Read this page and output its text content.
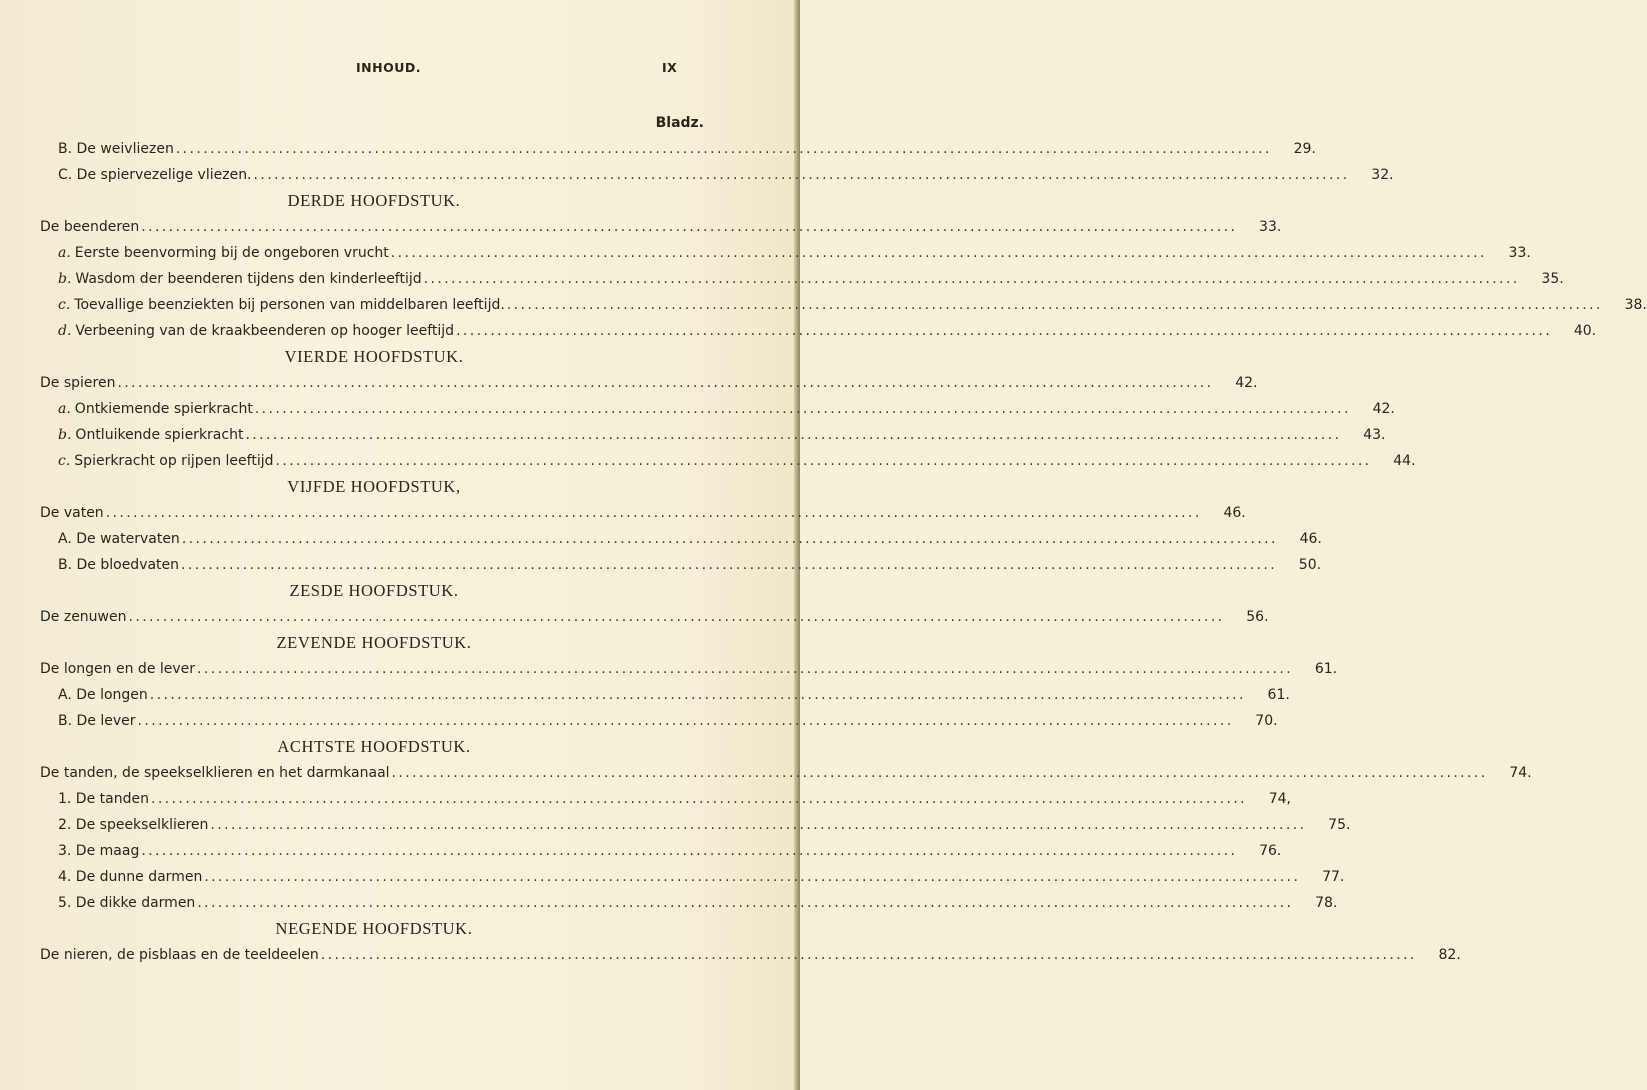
INHOUD.	IX
Bladz.
B. De weivliezen ................................................................................................................................................................	29.
C. De spiervezelige vliezen. ................................................................................................................................................................	32.
DERDE HOOFDSTUK.
De beenderen ................................................................................................................................................................	33.
a. Eerste beenvorming bij de ongeboren vrucht ................................................................................................................................................................	33.
b. Wasdom der beenderen tijdens den kinderleeftijd ................................................................................................................................................................	35.
c. Toevallige beenziekten bij personen van middelbaren leeftijd. ................................................................................................................................................................	38.
d. Verbeening van de kraakbeenderen op hooger leeftijd ................................................................................................................................................................	40.
VIERDE HOOFDSTUK.
De spieren ................................................................................................................................................................	42.
a. Ontkiemende spierkracht ................................................................................................................................................................	42.
b. Ontluikende spierkracht ................................................................................................................................................................	43.
c. Spierkracht op rijpen leeftijd ................................................................................................................................................................	44.
VIJFDE HOOFDSTUK,
De vaten ................................................................................................................................................................	46.
A. De watervaten ................................................................................................................................................................	46.
B. De bloedvaten ................................................................................................................................................................	50.
ZESDE HOOFDSTUK.
De zenuwen ................................................................................................................................................................	56.
ZEVENDE HOOFDSTUK.
De longen en de lever ................................................................................................................................................................	61.
A. De longen ................................................................................................................................................................	61.
B. De lever ................................................................................................................................................................	70.
ACHTSTE HOOFDSTUK.
De tanden, de speekselklieren en het darmkanaal ................................................................................................................................................................	74.
1. De tanden ................................................................................................................................................................	74,
2. De speekselklieren ................................................................................................................................................................	75.
3. De maag ................................................................................................................................................................	76.
4. De dunne darmen ................................................................................................................................................................	77.
5. De dikke darmen ................................................................................................................................................................	78.
NEGENDE HOOFDSTUK.
De nieren, de pisblaas en de teeldeelen ................................................................................................................................................................	82.
